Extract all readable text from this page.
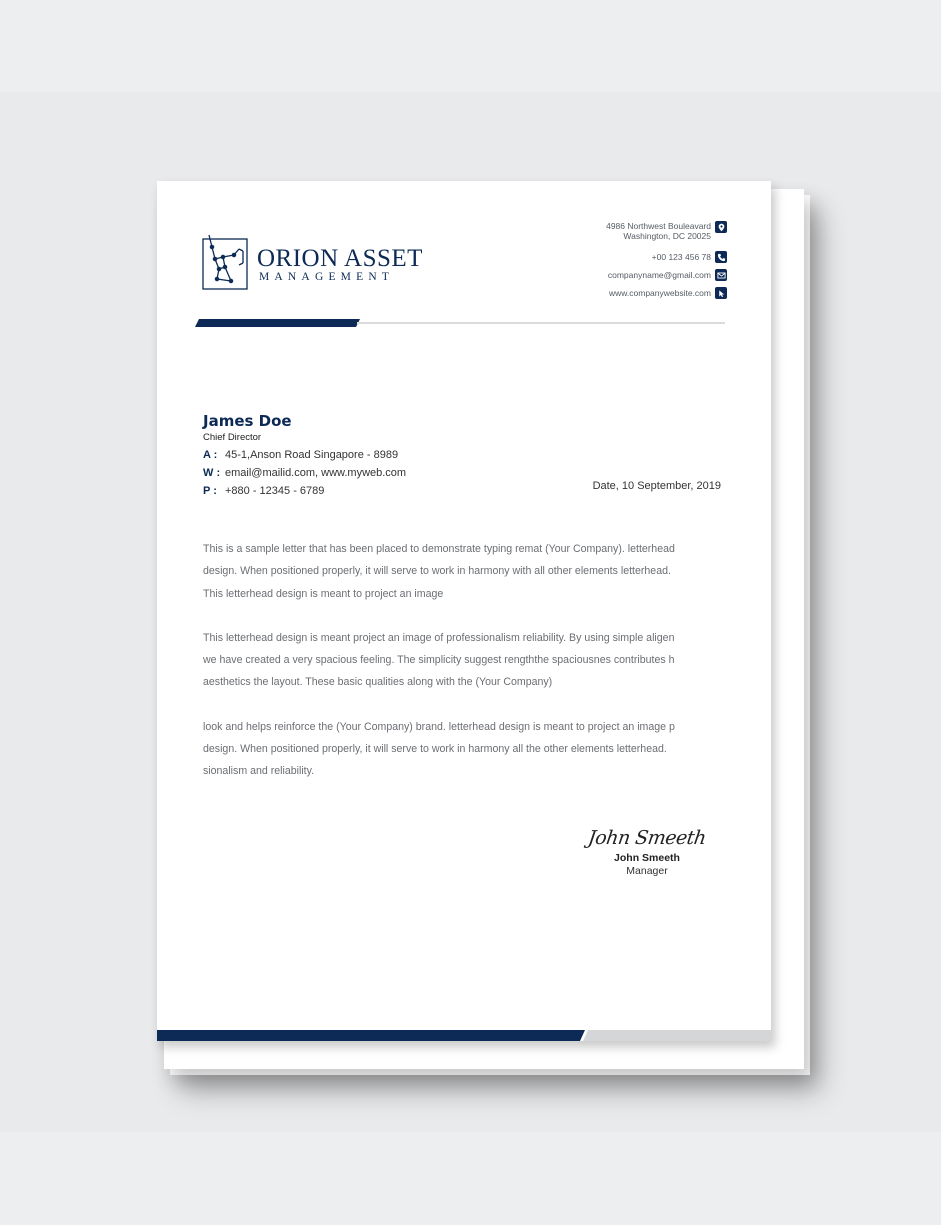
ORION ASSET
MANAGEMENT
4986 Northwest Bouleavard
Washington, DC 20025
+00 123 456 78
companyname@gmail.com
www.companywebsite.com
James Doe
Chief Director
A : 45-1,Anson Road Singapore - 8989
W : email@mailid.com, www.myweb.com
P : +880 - 12345 - 6789	Date, 10 September, 2019

This is a sample letter that has been placed to demonstrate typing remat (Your Company). letterhead
design. When positioned properly, it will serve to work in harmony with all other elements letterhead.
This letterhead design is meant to project an image

This letterhead design is meant project an image of professionalism reliability. By using simple aligen
we have created a very spacious feeling. The simplicity suggest rengththe spaciousnes contributes h
aesthetics the layout. These basic qualities along with the (Your Company)

look and helps reinforce the (Your Company) brand. letterhead design is meant to project an image p
design. When positioned properly, it will serve to work in harmony all the other elements letterhead.
sionalism and reliability.

John Smeeth
John Smeeth
Manager
